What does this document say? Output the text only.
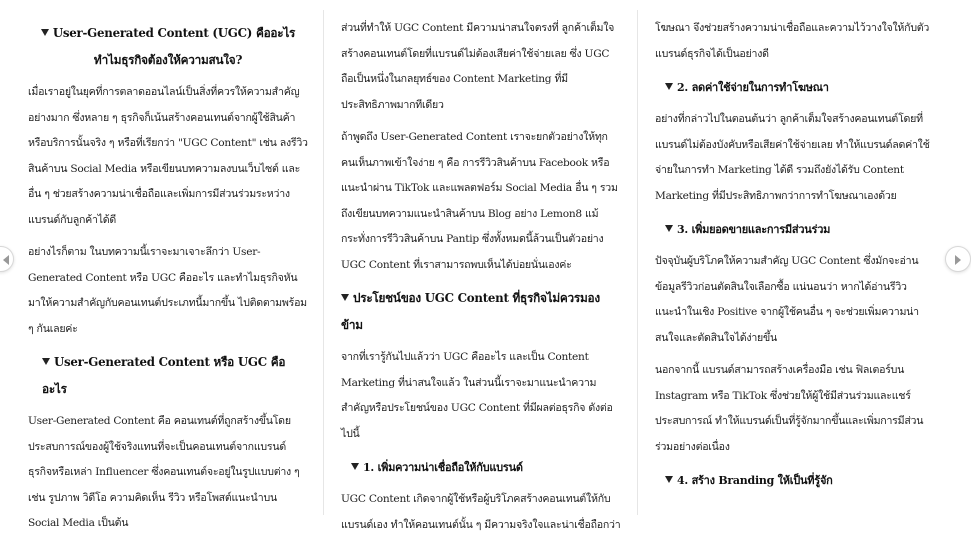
User-Generated Content (UGC) คืออะไร ทำไมธุรกิจต้องให้ความสนใจ?

เมื่อเราอยู่ในยุคที่การตลาดออนไลน์เป็นสิ่งที่ควรให้ความสำคัญอย่างมาก ซึ่งหลาย ๆ ธุรกิจก็เน้นสร้างคอนเทนต์จากผู้ใช้สินค้าหรือบริการนั้นจริง ๆ หรือที่เรียกว่า "UGC Content" เช่น ลงรีวิวสินค้าบน Social Media หรือเขียนบทความลงบนเว็บไซต์ และอื่น ๆ ช่วยสร้างความน่าเชื่อถือและเพิ่มการมีส่วนร่วมระหว่างแบรนด์กับลูกค้าได้ดี

อย่างไรก็ตาม ในบทความนี้เราจะมาเจาะลึกว่า User-Generated Content หรือ UGC คืออะไร และทำไมธุรกิจหันมาให้ความสำคัญกับคอนเทนต์ประเภทนี้มากขึ้น ไปติดตามพร้อม ๆ กันเลยค่ะ

User-Generated Content หรือ UGC คืออะไร

User-Generated Content คือ คอนเทนต์ที่ถูกสร้างขึ้นโดยประสบการณ์ของผู้ใช้จริงแทนที่จะเป็นคอนเทนต์จากแบรนด์ธุรกิจหรือเหล่า Influencer ซึ่งคอนเทนต์จะอยู่ในรูปแบบต่าง ๆ เช่น รูปภาพ วิดีโอ ความคิดเห็น รีวิว หรือโพสต์แนะนำบน Social Media เป็นต้น

ส่วนที่ทำให้ UGC Content มีความน่าสนใจตรงที่ ลูกค้าเต็มใจสร้างคอนเทนต์โดยที่แบรนด์ไม่ต้องเสียค่าใช้จ่ายเลย ซึ่ง UGC ถือเป็นหนึ่งในกลยุทธ์ของ Content Marketing ที่มีประสิทธิภาพมากทีเดียว

ถ้าพูดถึง User-Generated Content เราจะยกตัวอย่างให้ทุกคนเห็นภาพเข้าใจง่าย ๆ คือ การรีวิวสินค้าบน Facebook หรือแนะนำผ่าน TikTok และแพลตฟอร์ม Social Media อื่น ๆ รวมถึงเขียนบทความแนะนำสินค้าบน Blog อย่าง Lemon8 แม้กระทั่งการรีวิวสินค้าบน Pantip ซึ่งทั้งหมดนี้ล้วนเป็นตัวอย่าง UGC Content ที่เราสามารถพบเห็นได้บ่อยนั่นเองค่ะ

ประโยชน์ของ UGC Content ที่ธุรกิจไม่ควรมองข้าม

จากที่เรารู้กันไปแล้วว่า UGC คืออะไร และเป็น Content Marketing ที่น่าสนใจแล้ว ในส่วนนี้เราจะมาแนะนำความสำคัญหรือประโยชน์ของ UGC Content ที่มีผลต่อธุรกิจ ดังต่อไปนี้

1. เพิ่มความน่าเชื่อถือให้กับแบรนด์

UGC Content เกิดจากผู้ใช้หรือผู้บริโภคสร้างคอนเทนต์ให้กับแบรนด์เอง ทำให้คอนเทนต์นั้น ๆ มีความจริงใจและน่าเชื่อถือกว่า

โฆษณา จึงช่วยสร้างความน่าเชื่อถือและความไว้วางใจให้กับตัวแบรนด์ธุรกิจได้เป็นอย่างดี

2. ลดค่าใช้จ่ายในการทำโฆษณา

อย่างที่กล่าวไปในตอนต้นว่า ลูกค้าเต็มใจสร้างคอนเทนต์โดยที่แบรนด์ไม่ต้องบังคับหรือเสียค่าใช้จ่ายเลย ทำให้แบรนด์ลดค่าใช้จ่ายในการทำ Marketing ได้ดี รวมถึงยังได้รับ Content Marketing ที่มีประสิทธิภาพกว่าการทำโฆษณาเองด้วย

3. เพิ่มยอดขายและการมีส่วนร่วม

ปัจจุบันผู้บริโภคให้ความสำคัญ UGC Content ซึ่งมักจะอ่านข้อมูลรีวิวก่อนตัดสินใจเลือกซื้อ แน่นอนว่า หากได้อ่านรีวิวแนะนำในเชิง Positive จากผู้ใช้คนอื่น ๆ จะช่วยเพิ่มความน่าสนใจและตัดสินใจได้ง่ายขึ้น

นอกจากนี้ แบรนด์สามารถสร้างเครื่องมือ เช่น ฟิลเตอร์บน Instagram หรือ TikTok ซึ่งช่วยให้ผู้ใช้มีส่วนร่วมและแชร์ประสบการณ์ ทำให้แบรนด์เป็นที่รู้จักมากขึ้นและเพิ่มการมีส่วนร่วมอย่างต่อเนื่อง

4. สร้าง Branding ให้เป็นที่รู้จัก
